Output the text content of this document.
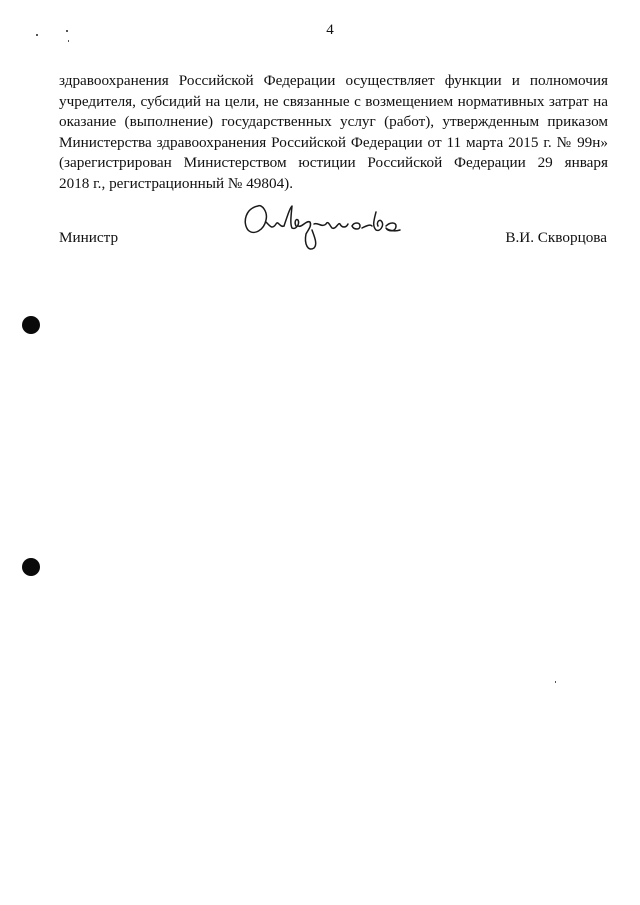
4
здравоохранения Российской Федерации осуществляет функции и полномочия
учредителя, субсидий на цели, не связанные с возмещением нормативных затрат на
оказание (выполнение) государственных услуг (работ), утвержденным приказом
Министерства здравоохранения Российской Федерации от 11 марта 2015 г. № 99н»
(зарегистрирован Министерством юстиции Российской Федерации 29 января
2018 г., регистрационный № 49804).
Министр	В.И. Скворцова
